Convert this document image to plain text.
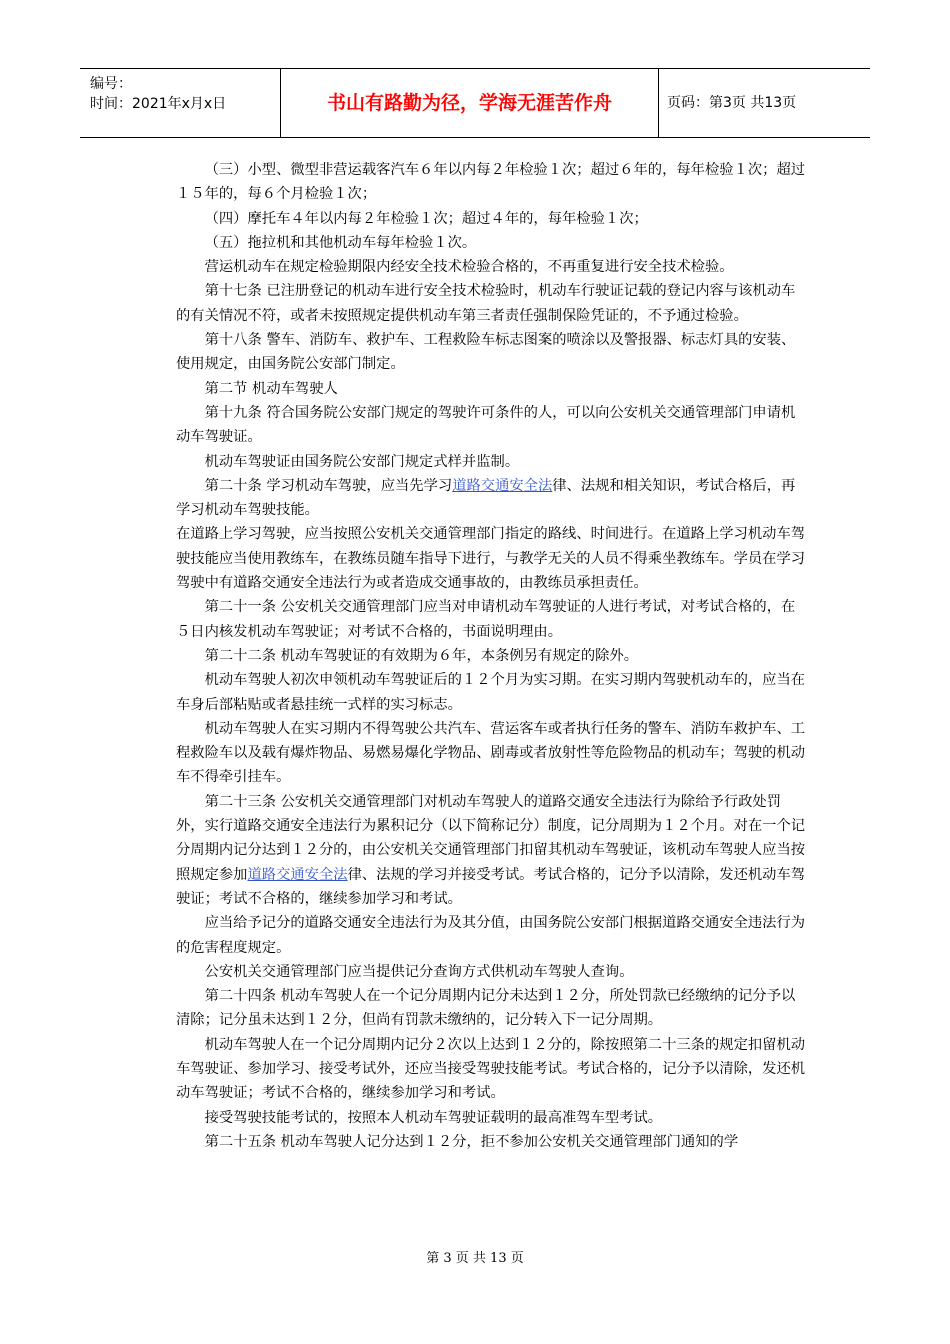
编号：
时间：2021年x月x日	书山有路勤为径，学海无涯苦作舟	页码：第3页 共13页

（三）小型、微型非营运载客汽车６年以内每２年检验１次；超过６年的，每年检验１次；超过１５年的，每６个月检验１次；

（四）摩托车４年以内每２年检验１次；超过４年的，每年检验１次；

（五）拖拉机和其他机动车每年检验１次。

营运机动车在规定检验期限内经安全技术检验合格的，不再重复进行安全技术检验。

第十七条 已注册登记的机动车进行安全技术检验时，机动车行驶证记载的登记内容与该机动车的有关情况不符，或者未按照规定提供机动车第三者责任强制保险凭证的，不予通过检验。

第十八条 警车、消防车、救护车、工程救险车标志图案的喷涂以及警报器、标志灯具的安装、使用规定，由国务院公安部门制定。

第二节 机动车驾驶人

第十九条 符合国务院公安部门规定的驾驶许可条件的人，可以向公安机关交通管理部门申请机动车驾驶证。

机动车驾驶证由国务院公安部门规定式样并监制。

第二十条 学习机动车驾驶，应当先学习道路交通安全法律、法规和相关知识，考试合格后，再学习机动车驾驶技能。

在道路上学习驾驶，应当按照公安机关交通管理部门指定的路线、时间进行。在道路上学习机动车驾驶技能应当使用教练车，在教练员随车指导下进行，与教学无关的人员不得乘坐教练车。学员在学习驾驶中有道路交通安全违法行为或者造成交通事故的，由教练员承担责任。

第二十一条 公安机关交通管理部门应当对申请机动车驾驶证的人进行考试，对考试合格的，在５日内核发机动车驾驶证；对考试不合格的，书面说明理由。

第二十二条 机动车驾驶证的有效期为６年，本条例另有规定的除外。

机动车驾驶人初次申领机动车驾驶证后的１２个月为实习期。在实习期内驾驶机动车的，应当在车身后部粘贴或者悬挂统一式样的实习标志。

机动车驾驶人在实习期内不得驾驶公共汽车、营运客车或者执行任务的警车、消防车救护车、工程救险车以及载有爆炸物品、易燃易爆化学物品、剧毒或者放射性等危险物品的机动车；驾驶的机动车不得牵引挂车。

第二十三条 公安机关交通管理部门对机动车驾驶人的道路交通安全违法行为除给予行政处罚外，实行道路交通安全违法行为累积记分（以下简称记分）制度，记分周期为１２个月。对在一个记分周期内记分达到１２分的，由公安机关交通管理部门扣留其机动车驾驶证，该机动车驾驶人应当按照规定参加道路交通安全法律、法规的学习并接受考试。考试合格的，记分予以清除，发还机动车驾驶证；考试不合格的，继续参加学习和考试。

应当给予记分的道路交通安全违法行为及其分值，由国务院公安部门根据道路交通安全违法行为的危害程度规定。

公安机关交通管理部门应当提供记分查询方式供机动车驾驶人查询。

第二十四条 机动车驾驶人在一个记分周期内记分未达到１２分，所处罚款已经缴纳的记分予以清除；记分虽未达到１２分，但尚有罚款未缴纳的，记分转入下一记分周期。

机动车驾驶人在一个记分周期内记分２次以上达到１２分的，除按照第二十三条的规定扣留机动车驾驶证、参加学习、接受考试外，还应当接受驾驶技能考试。考试合格的，记分予以清除，发还机动车驾驶证；考试不合格的，继续参加学习和考试。

接受驾驶技能考试的，按照本人机动车驾驶证载明的最高准驾车型考试。

第二十五条 机动车驾驶人记分达到１２分，拒不参加公安机关交通管理部门通知的学

第 3 页 共 13 页
